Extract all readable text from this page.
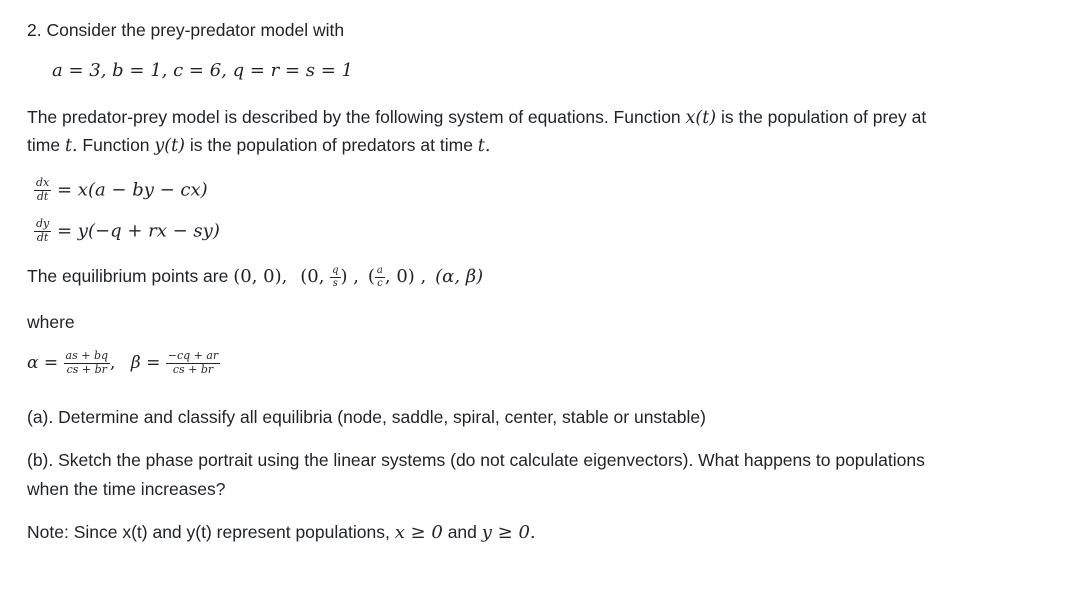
2. Consider the prey-predator model with
a = 3, b = 1, c = 6, q = r = s = 1
The predator-prey model is described by the following system of equations. Function x(t) is the population of prey at
time t. Function y(t) is the population of predators at time t.
$\frac{dx}{dt} = x(a$ − by − cx)
$\frac{dy}{dt} = y(-q$ + rx − sy)
The equilibrium points are (0, 0), (0, $\frac{q}{s}$ ) , ( $\frac{a}{c}$ , 0) , (α, β)
where
$\alpha = \frac{as + bq}{cs + br}$ , $\beta = \frac{-cq + ar}{cs + br}$
(a). Determine and classify all equilibria (node, saddle, spiral, center, stable or unstable)
(b). Sketch the phase portrait using the linear systems (do not calculate eigenvectors). What happens to populations
when the time increases?
Note: Since x(t) and y(t) represent populations, x ≥ 0 and y ≥ 0.
